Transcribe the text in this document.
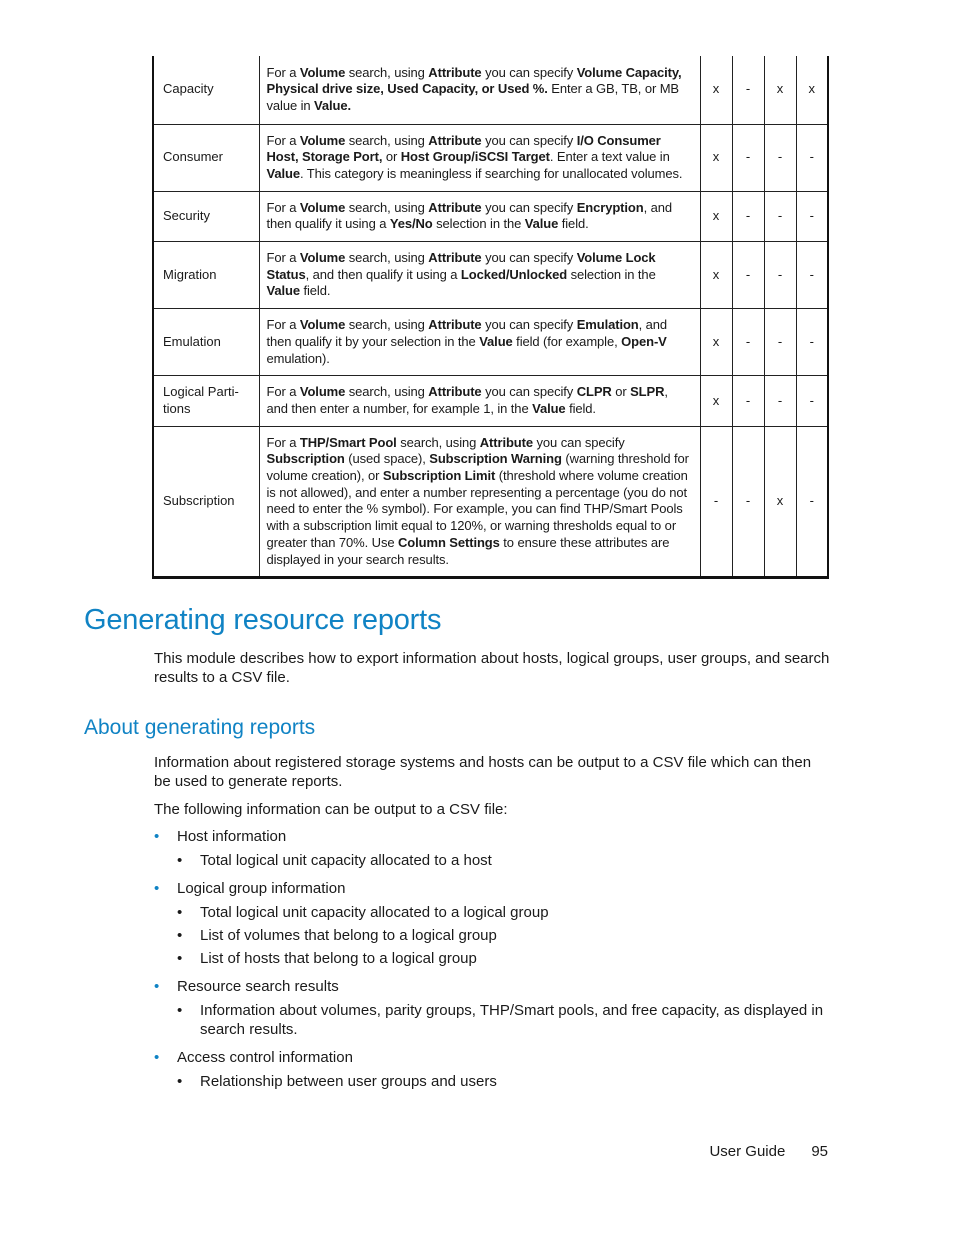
Capacity	For a Volume search, using Attribute you can specify Volume Capacity, Physical drive size, Used Capacity, or Used %. Enter a GB, TB, or MB value in Value.	x	-	x	x
Consumer	For a Volume search, using Attribute you can specify I/O Consumer Host, Storage Port, or Host Group/iSCSI Target. Enter a text value in Value. This category is meaningless if searching for unallocated volumes.	x	-	-	-
Security	For a Volume search, using Attribute you can specify Encryption, and then qualify it using a Yes/No selection in the Value field.	x	-	-	-
Migration	For a Volume search, using Attribute you can specify Volume Lock Status, and then qualify it using a Locked/Unlocked selection in the Value field.	x	-	-	-
Emulation	For a Volume search, using Attribute you can specify Emulation, and then qualify it by your selection in the Value field (for example, Open-V emulation).	x	-	-	-
Logical Parti-tions	For a Volume search, using Attribute you can specify CLPR or SLPR, and then enter a number, for example 1, in the Value field.	x	-	-	-
Subscription	For a THP/Smart Pool search, using Attribute you can specify Subscription (used space), Subscription Warning (warning threshold for volume creation), or Subscription Limit (threshold where volume creation is not allowed), and enter a number representing a percentage (you do not need to enter the % symbol). For example, you can find THP/Smart Pools with a subscription limit equal to 120%, or warning thresholds equal to or greater than 70%. Use Column Settings to ensure these attributes are displayed in your search results.	-	-	x	-
Generating resource reports

This module describes how to export information about hosts, logical groups, user groups, and search results to a CSV file.

About generating reports

Information about registered storage systems and hosts can be output to a CSV file which can then be used to generate reports.

The following information can be output to a CSV file:

• Host information
• Total logical unit capacity allocated to a host
• Logical group information
• Total logical unit capacity allocated to a logical group
• List of volumes that belong to a logical group
• List of hosts that belong to a logical group
• Resource search results
• Information about volumes, parity groups, THP/Smart pools, and free capacity, as displayed in search results.
• Access control information
• Relationship between user groups and users
User Guide 95
